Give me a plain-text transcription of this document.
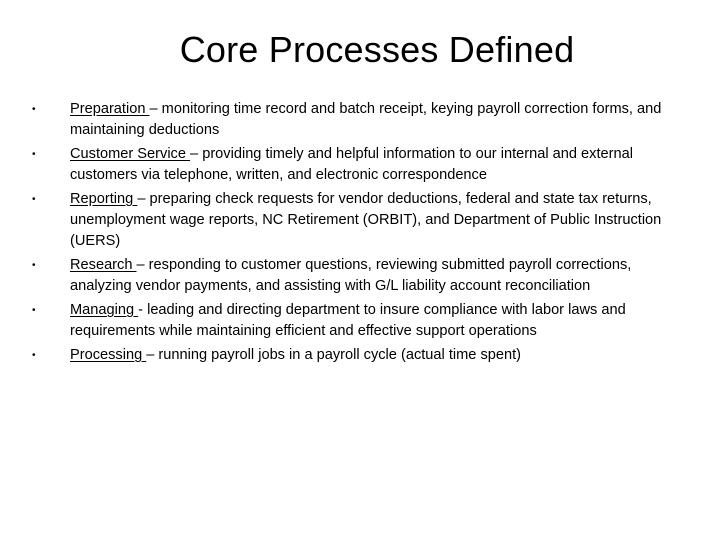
Core Processes Defined
•	Preparation – monitoring time record and batch receipt, keying payroll correction forms, and maintaining deductions
•	Customer Service – providing timely and helpful information to our internal and external customers via telephone, written, and electronic correspondence
•	Reporting – preparing check requests for vendor deductions, federal and state tax returns, unemployment wage reports, NC Retirement (ORBIT), and Department of Public Instruction (UERS)
•	Research – responding to customer questions, reviewing submitted payroll corrections, analyzing vendor payments, and assisting with G/L liability account reconciliation
•	Managing - leading and directing department to insure compliance with labor laws and requirements while maintaining efficient and effective support operations
•	Processing – running payroll jobs in a payroll cycle (actual time spent)
